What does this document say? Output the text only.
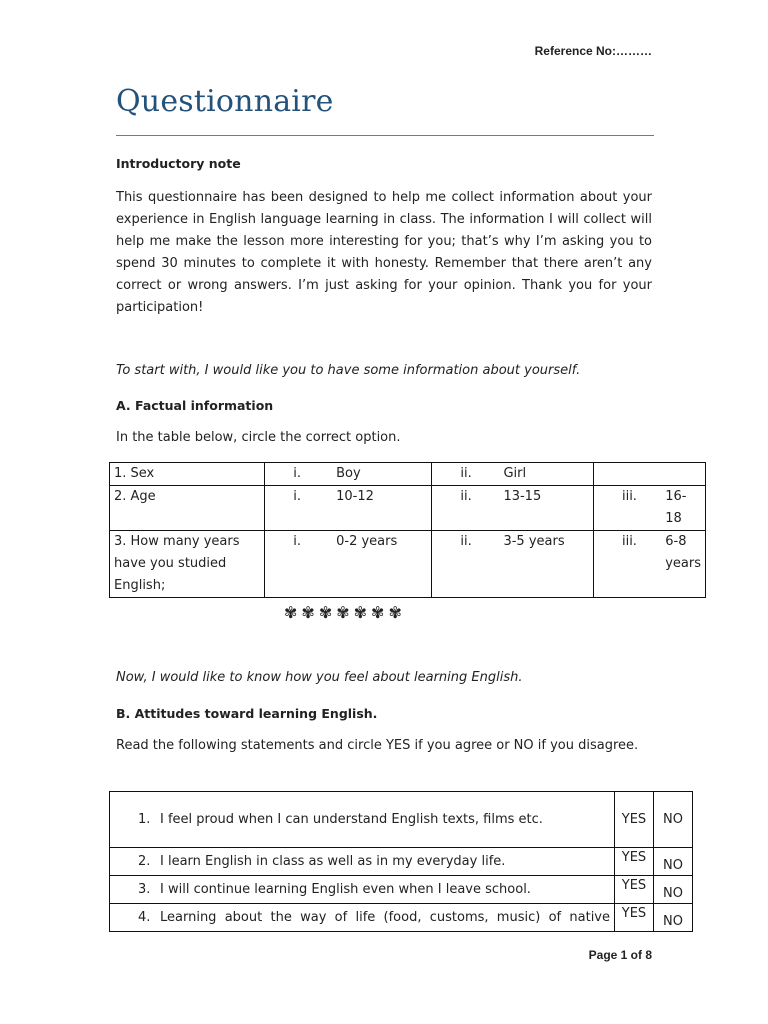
Reference No:………
Questionnaire
Introductory note
This questionnaire has been designed to help me collect information about your experience in English language learning in class. The information I will collect will help me make the lesson more interesting for you; that’s why I’m asking you to spend 30 minutes to complete it with honesty. Remember that there aren’t any correct or wrong answers. I’m just asking for your opinion. Thank you for your participation!
To start with, I would like you to have some information about yourself.
A. Factual information
In the table below, circle the correct option.
1. Sex	i.	Boy	ii.	Girl		
2. Age	i.	10-12	ii.	13-15	iii.	16-18
3. How many years have you studied English;	i.	0-2 years	ii.	3-5 years	iii.	6-8 years
✾✾✾✾✾✾✾
Now, I would like to know how you feel about learning English.
B. Attitudes toward learning English.
Read the following statements and circle YES if you agree or NO if you disagree.
1. I feel proud when I can understand English texts, films etc.	YES	NO
2. I learn English in class as well as in my everyday life.	YES	NO
3. I will continue learning English even when I leave school.	YES	NO
4. Learning about the way of life (food, customs, music) of native	YES	NO
Page 1 of 8
